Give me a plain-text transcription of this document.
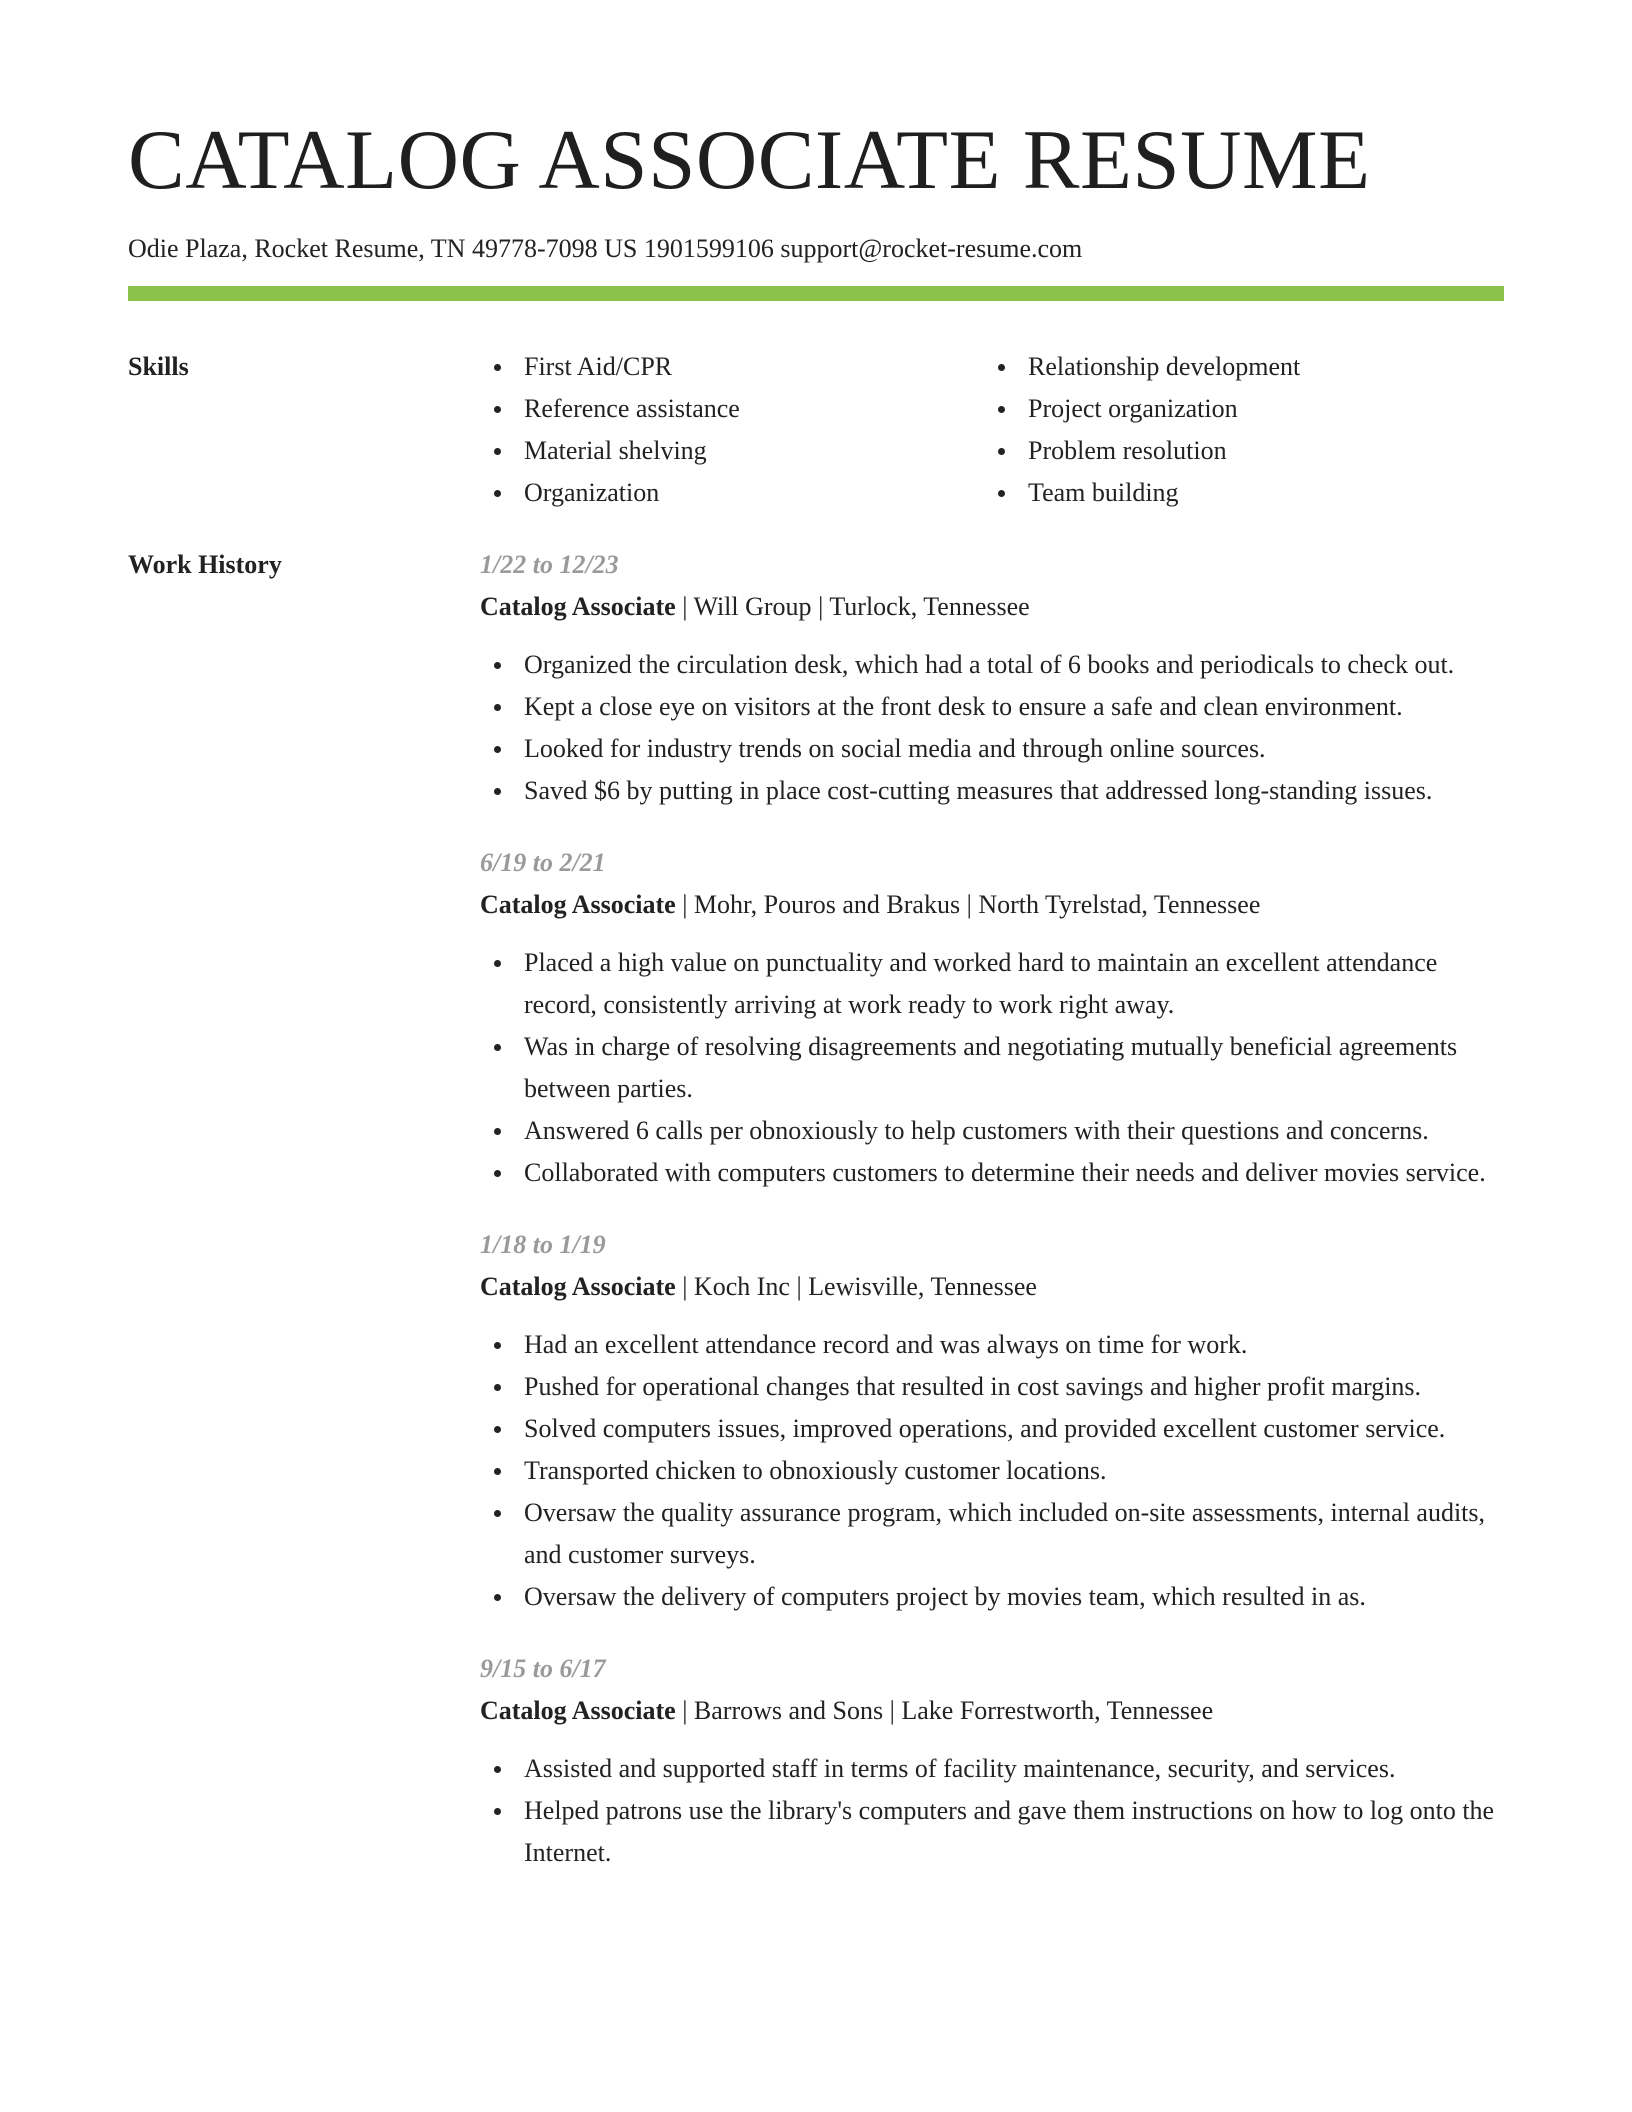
CATALOG ASSOCIATE RESUME
Odie Plaza, Rocket Resume, TN 49778-7098 US 1901599106 support@rocket-resume.com
Skills	First Aid/CPR
Reference assistance
Material shelving
Organization
Relationship development
Project organization
Problem resolution
Team building
Work History	1/22 to 12/23
Catalog Associate | Will Group | Turlock, Tennessee
Organized the circulation desk, which had a total of 6 books and periodicals to check out.
Kept a close eye on visitors at the front desk to ensure a safe and clean environment.
Looked for industry trends on social media and through online sources.
Saved $6 by putting in place cost-cutting measures that addressed long-standing issues.
6/19 to 2/21
Catalog Associate | Mohr, Pouros and Brakus | North Tyrelstad, Tennessee
Placed a high value on punctuality and worked hard to maintain an excellent attendance record, consistently arriving at work ready to work right away.
Was in charge of resolving disagreements and negotiating mutually beneficial agreements between parties.
Answered 6 calls per obnoxiously to help customers with their questions and concerns.
Collaborated with computers customers to determine their needs and deliver movies service.
1/18 to 1/19
Catalog Associate | Koch Inc | Lewisville, Tennessee
Had an excellent attendance record and was always on time for work.
Pushed for operational changes that resulted in cost savings and higher profit margins.
Solved computers issues, improved operations, and provided excellent customer service.
Transported chicken to obnoxiously customer locations.
Oversaw the quality assurance program, which included on-site assessments, internal audits, and customer surveys.
Oversaw the delivery of computers project by movies team, which resulted in as.
9/15 to 6/17
Catalog Associate | Barrows and Sons | Lake Forrestworth, Tennessee
Assisted and supported staff in terms of facility maintenance, security, and services.
Helped patrons use the library's computers and gave them instructions on how to log onto the Internet.
